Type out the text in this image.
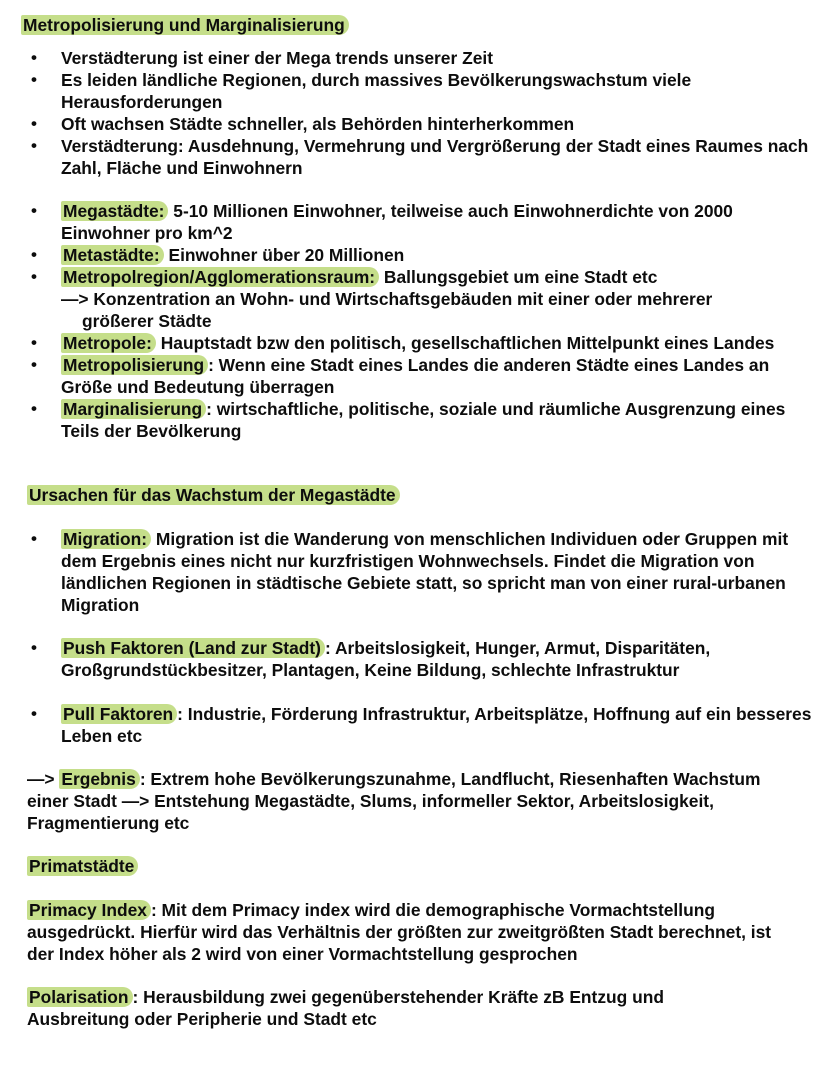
Metropolisierung und Marginalisierung
• Verstädterung ist einer der Mega trends unserer Zeit
• Es leiden ländliche Regionen, durch massives Bevölkerungswachstum viele Herausforderungen
• Oft wachsen Städte schneller, als Behörden hinterherkommen
• Verstädterung: Ausdehnung, Vermehrung und Vergrößerung der Stadt eines Raumes nach Zahl, Fläche und Einwohnern
• Megastädte: 5-10 Millionen Einwohner, teilweise auch Einwohnerdichte von 2000 Einwohner pro km^2
• Metastädte: Einwohner über 20 Millionen
• Metropolregion/Agglomerationsraum: Ballungsgebiet um eine Stadt etc
—> Konzentration an Wohn- und Wirtschaftsgebäuden mit einer oder mehrerer
größerer Städte
• Metropole: Hauptstadt bzw den politisch, gesellschaftlichen Mittelpunkt eines Landes
• Metropolisierung : Wenn eine Stadt eines Landes die anderen Städte eines Landes an Größe und Bedeutung überragen
• Marginalisierung : wirtschaftliche, politische, soziale und räumliche Ausgrenzung eines Teils der Bevölkerung
Ursachen für das Wachstum der Megastädte
• Migration: Migration ist die Wanderung von menschlichen Individuen oder Gruppen mit dem Ergebnis eines nicht nur kurzfristigen Wohnwechsels. Findet die Migration von ländlichen Regionen in städtische Gebiete statt, so spricht man von einer rural-urbanen Migration
• Push Faktoren (Land zur Stadt) : Arbeitslosigkeit, Hunger, Armut, Disparitäten, Großgrundstückbesitzer, Plantagen, Keine Bildung, schlechte Infrastruktur
• Pull Faktoren : Industrie, Förderung Infrastruktur, Arbeitsplätze, Hoffnung auf ein besseres Leben etc
—> Ergebnis : Extrem hohe Bevölkerungszunahme, Landflucht, Riesenhaften Wachstum einer Stadt —> Entstehung Megastädte, Slums, informeller Sektor, Arbeitslosigkeit, Fragmentierung etc
Primatstädte
Primacy Index : Mit dem Primacy index wird die demographische Vormachtstellung ausgedrückt. Hierfür wird das Verhältnis der größten zur zweitgrößten Stadt berechnet, ist der Index höher als 2 wird von einer Vormachtstellung gesprochen
Polarisation : Herausbildung zwei gegenüberstehender Kräfte zB Entzug und Ausbreitung oder Peripherie und Stadt etc
